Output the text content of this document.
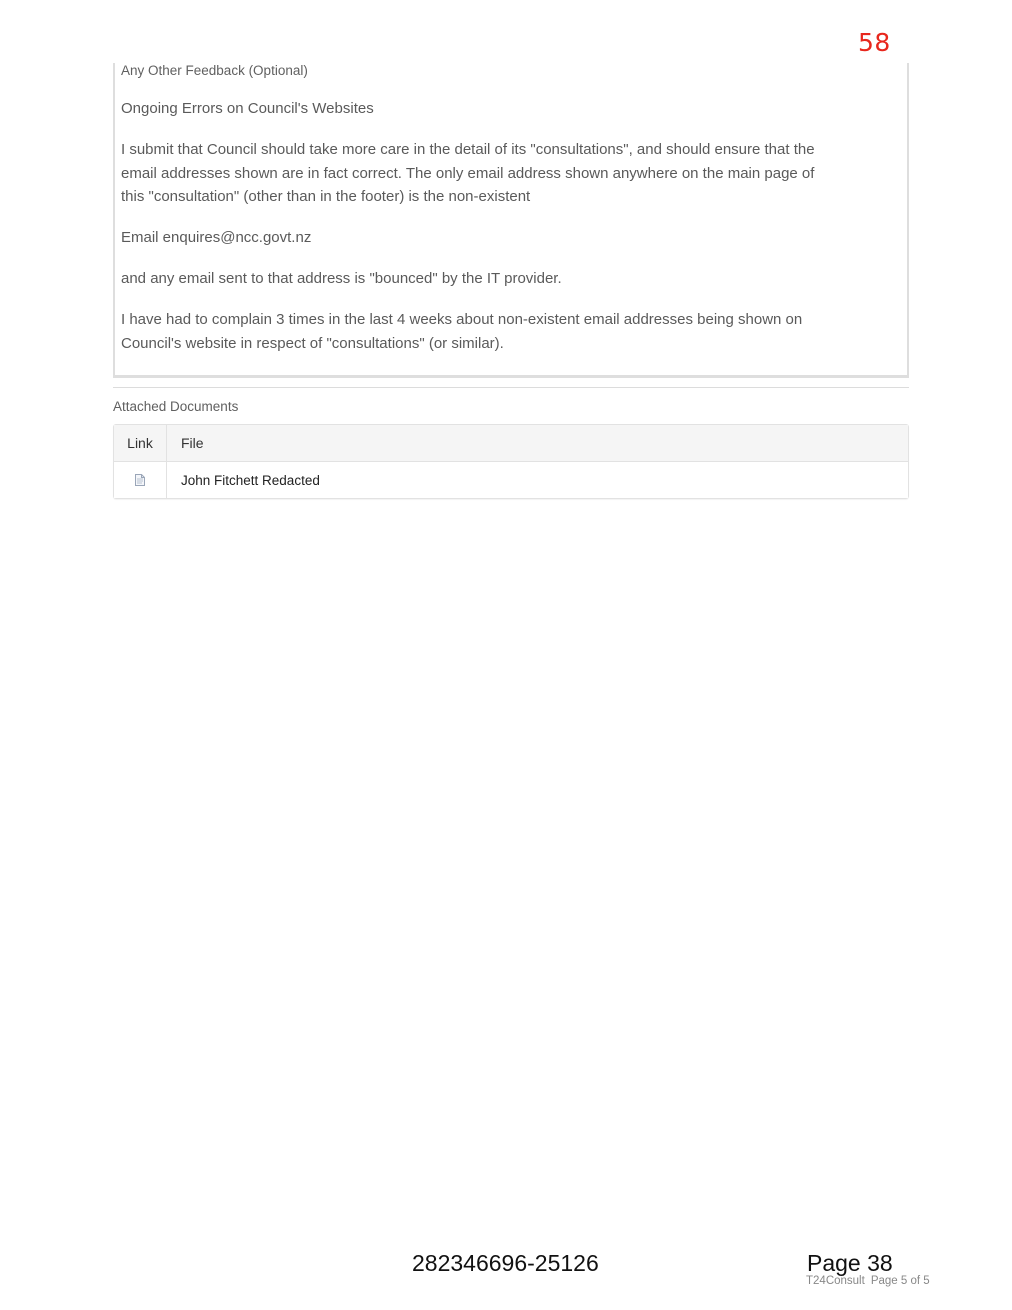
58
Any Other Feedback (Optional)

Ongoing Errors on Council's Websites

I submit that Council should take more care in the detail of its "consultations", and should ensure that the email addresses shown are in fact correct. The only email address shown anywhere on the main page of this "consultation" (other than in the footer) is the non-existent

Email enquires@ncc.govt.nz

and any email sent to that address is "bounced" by the IT provider.

I have had to complain 3 times in the last 4 weeks about non-existent email addresses being shown on Council's website in respect of "consultations" (or similar).

Attached Documents
Link	File
John Fitchett Redacted
282346696-25126	Page 38
T24Consult Page 5 of 5
